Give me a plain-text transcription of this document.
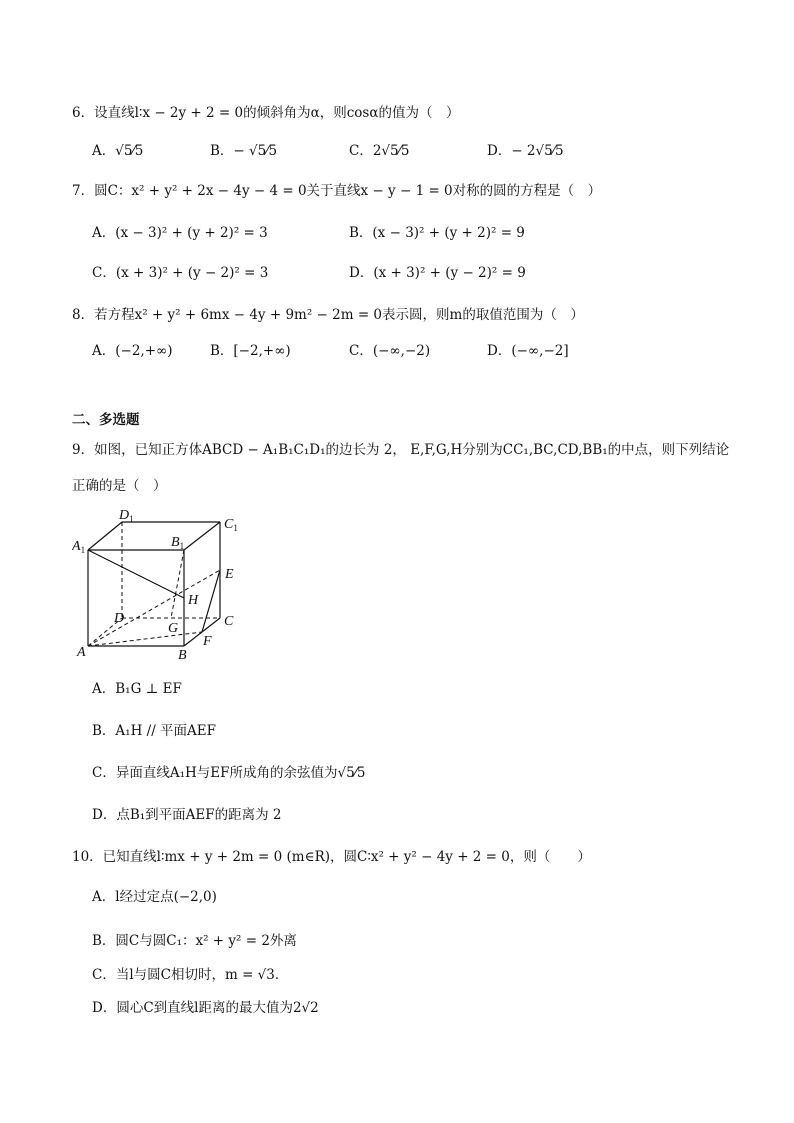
6．设直线l∶x − 2y + 2 = 0的倾斜角为α，则cosα的值为（　）
A．√5⁄5	B．− √5⁄5	C．2√5⁄5	D．− 2√5⁄5
7．圆C：x² + y² + 2x − 4y − 4 = 0关于直线x − y − 1 = 0对称的圆的方程是（　）
A．(x − 3)² + (y + 2)² = 3	B．(x − 3)² + (y + 2)² = 9
C．(x + 3)² + (y − 2)² = 3	D．(x + 3)² + (y − 2)² = 9
8．若方程x² + y² + 6mx − 4y + 9m² − 2m = 0表示圆，则m的取值范围为（　）
A．(−2,+∞)	B．[−2,+∞)	C．(−∞,−2)	D．(−∞,−2]
二、多选题
9．如图，已知正方体ABCD − A₁B₁C₁D₁的边长为 2， E,F,G,H分别为CC₁,BC,CD,BB₁的中点，则下列结论
正确的是（　）
$D_1$	$C_1$
$A_1$	$B_1$
E
H
D
G	C
A
F
B
A．B₁G ⊥ EF
B．A₁H // 平面AEF
C．异面直线A₁H与EF所成角的余弦值为√5⁄5
D．点B₁到平面AEF的距离为 2
10．已知直线l∶mx + y + 2m = 0 (m∈R)，圆C∶x² + y² − 4y + 2 = 0，则（　　）
A．l经过定点(−2,0)
B．圆C与圆C₁：x² + y² = 2外离
C．当l与圆C相切时，m = √3．
D．圆心C到直线l距离的最大值为2√2
